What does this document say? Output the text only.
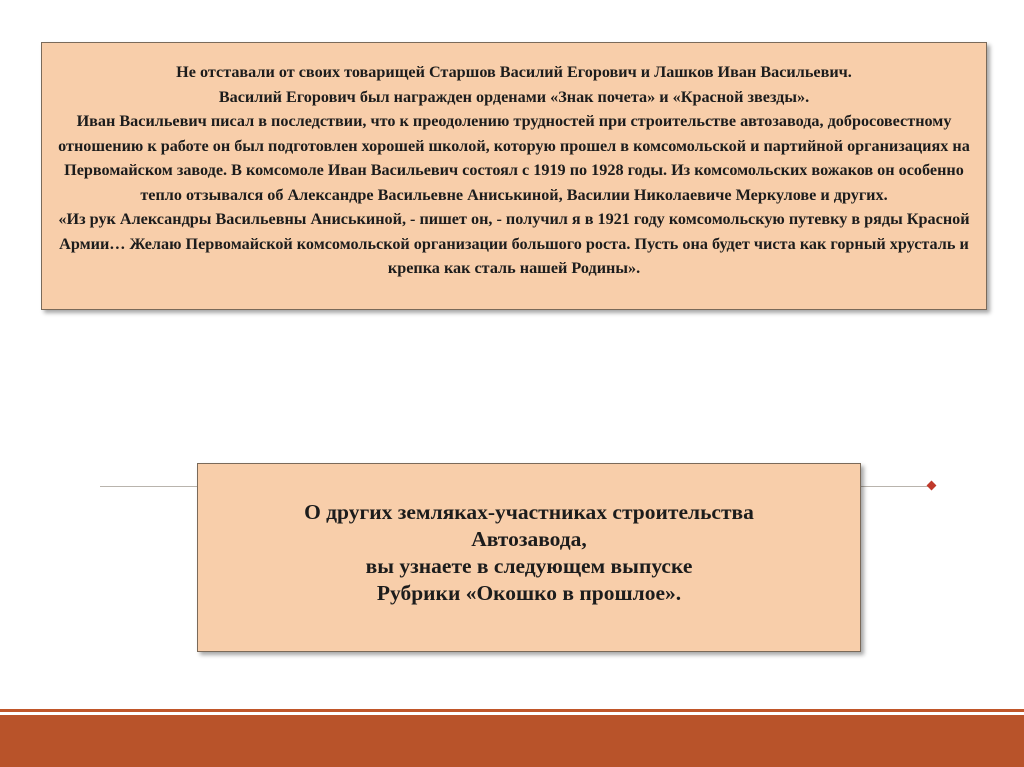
Не отставали от своих товарищей Старшов Василий Егорович и Лашков Иван Васильевич.

Василий Егорович был награжден орденами «Знак почета» и «Красной звезды».

Иван Васильевич писал в последствии, что к преодолению трудностей при строительстве автозавода, добросовестному отношению к работе он был подготовлен хорошей школой, которую прошел в комсомольской и партийной организациях на Первомайском заводе. В комсомоле Иван Васильевич состоял с 1919 по 1928 годы. Из комсомольских вожаков он особенно тепло отзывался об Александре Васильевне Аниськиной, Василии Николаевиче Меркулове и других.

«Из рук Александры Васильевны Аниськиной, - пишет он, - получил я в 1921 году комсомольскую путевку в ряды Красной Армии… Желаю Первомайской комсомольской организации большого роста. Пусть она будет чиста как горный хрусталь и крепка как сталь нашей Родины».

О других земляках-участниках строительства

Автозавода,

вы узнаете в следующем выпуске

Рубрики «Окошко в прошлое».
